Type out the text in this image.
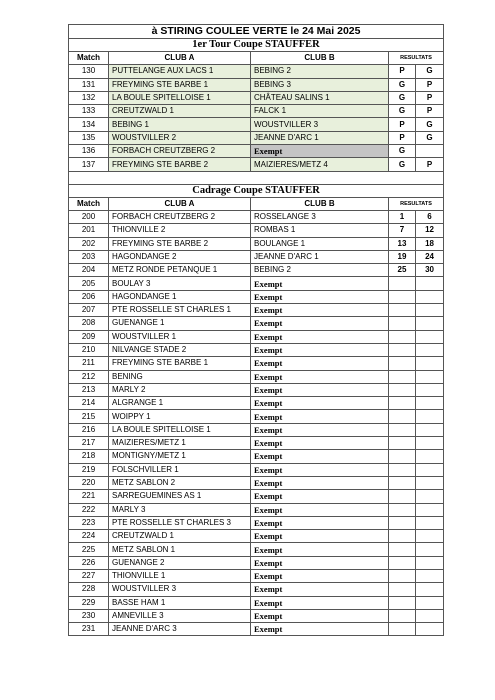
à STIRING COULEE VERTE le 24 Mai 2025				
1er Tour Coupe STAUFFER				
Match	CLUB A	CLUB B	RESULTATS	
130	PUTTELANGE AUX LACS 1	BEBING 2	P	G
131	FREYMING STE BARBE 1	BEBING 3	G	P
132	LA BOULE SPITELLOISE 1	CHÂTEAU SALINS 1	G	P
133	CREUTZWALD 1	FALCK 1	G	P
134	BEBING 1	WOUSTVILLER 3	P	G
135	WOUSTVILLER 2	JEANNE D'ARC 1	P	G
136	FORBACH CREUTZBERG 2	Exempt	G	
137	FREYMING STE BARBE 2	MAIZIERES/METZ 4	G	P

Cadrage Coupe STAUFFER				
Match	CLUB A	CLUB B	RESULTATS	
200	FORBACH CREUTZBERG 2	ROSSELANGE 3	1	6
201	THIONVILLE 2	ROMBAS 1	7	12
202	FREYMING STE BARBE 2	BOULANGE 1	13	18
203	HAGONDANGE 2	JEANNE D'ARC 1	19	24
204	METZ RONDE PETANQUE 1	BEBING 2	25	30
205	BOULAY 3	Exempt		
206	HAGONDANGE 1	Exempt		
207	PTE ROSSELLE ST CHARLES 1	Exempt		
208	GUENANGE 1	Exempt		
209	WOUSTVILLER 1	Exempt		
210	NILVANGE STADE 2	Exempt		
211	FREYMING STE BARBE 1	Exempt		
212	BENING	Exempt		
213	MARLY 2	Exempt		
214	ALGRANGE 1	Exempt		
215	WOIPPY 1	Exempt		
216	LA BOULE SPITELLOISE 1	Exempt		
217	MAIZIERES/METZ 1	Exempt		
218	MONTIGNY/METZ 1	Exempt		
219	FOLSCHVILLER 1	Exempt		
220	METZ SABLON 2	Exempt		
221	SARREGUEMINES AS 1	Exempt		
222	MARLY 3	Exempt		
223	PTE ROSSELLE ST CHARLES 3	Exempt		
224	CREUTZWALD 1	Exempt		
225	METZ SABLON 1	Exempt		
226	GUENANGE 2	Exempt		
227	THIONVILLE 1	Exempt		
228	WOUSTVILLER 3	Exempt		
229	BASSE HAM 1	Exempt		
230	AMNEVILLE 3	Exempt		
231	JEANNE D'ARC 3	Exempt		
